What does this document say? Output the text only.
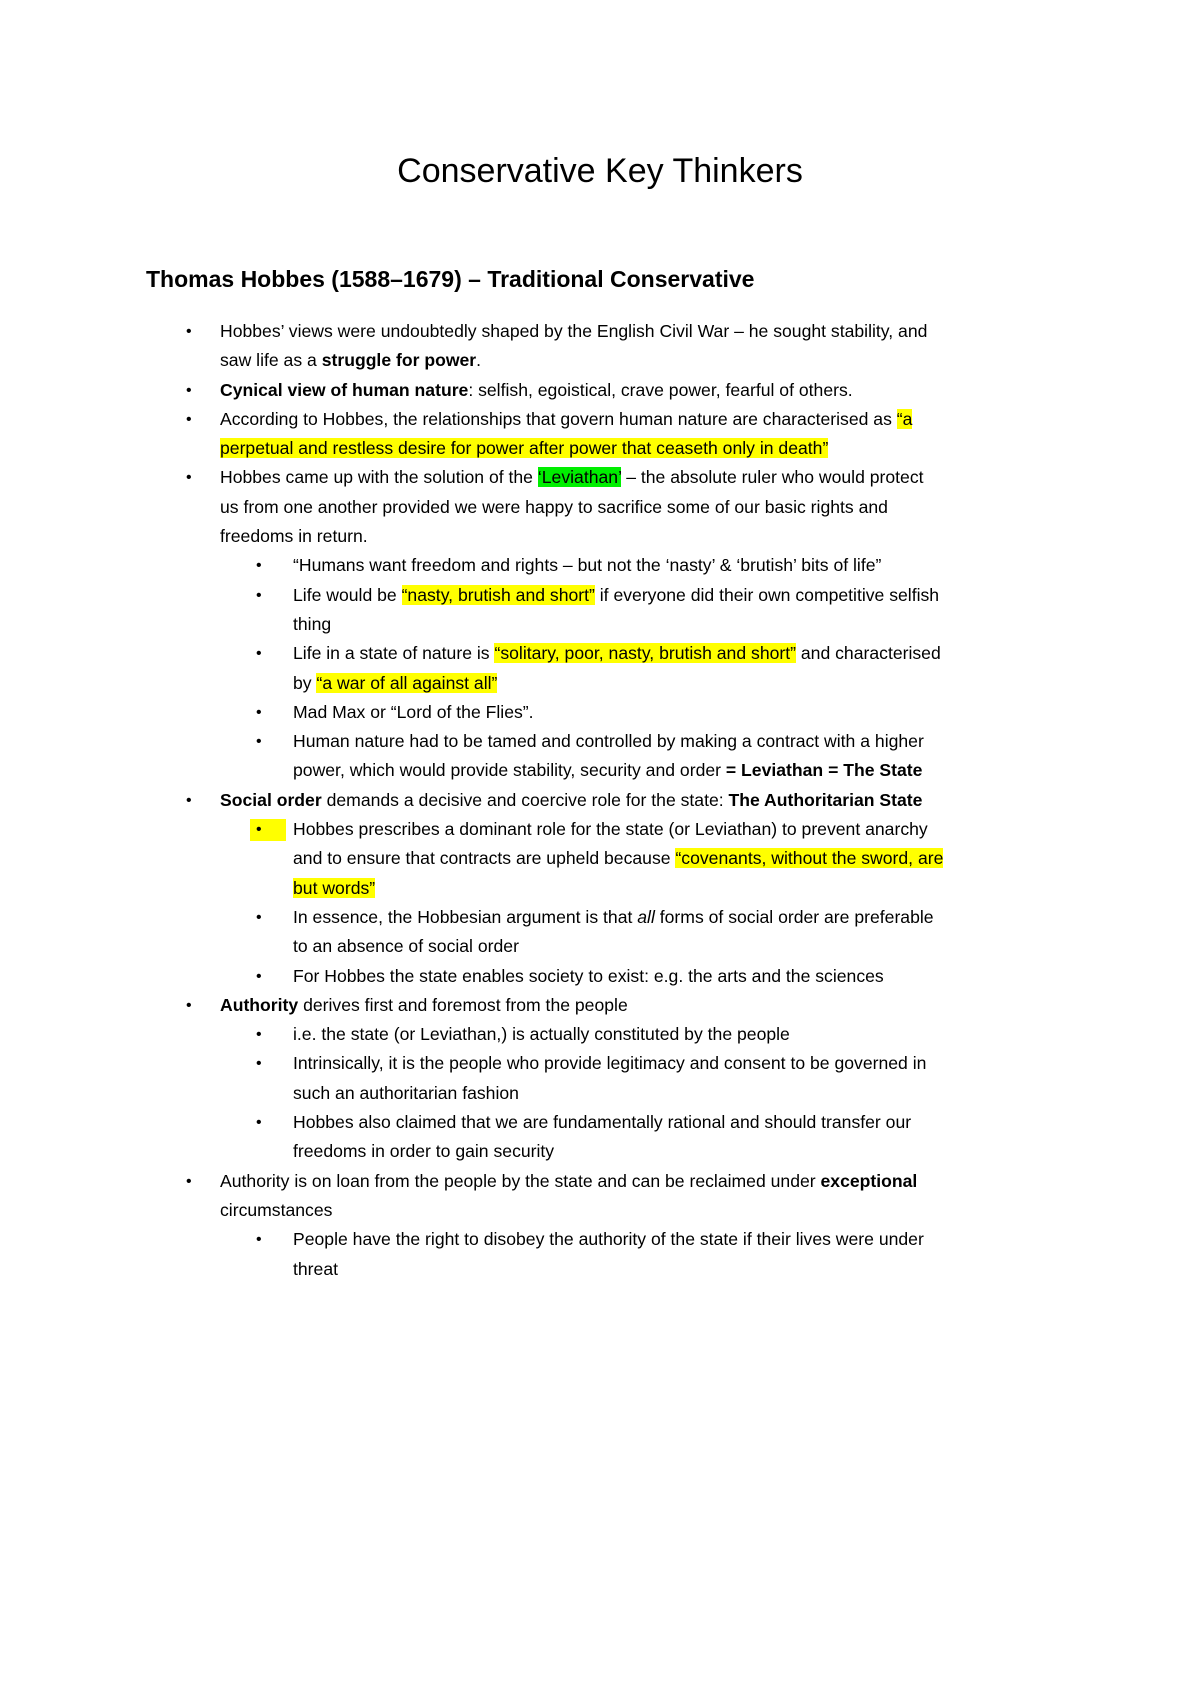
Conservative Key Thinkers
Thomas Hobbes (1588–1679) – Traditional Conservative
• Hobbes’ views were undoubtedly shaped by the English Civil War – he sought stability, and
saw life as a struggle for power.
• Cynical view of human nature: selfish, egoistical, crave power, fearful of others.
• According to Hobbes, the relationships that govern human nature are characterised as “a
perpetual and restless desire for power after power that ceaseth only in death”
• Hobbes came up with the solution of the ‘Leviathan’ – the absolute ruler who would protect
us from one another provided we were happy to sacrifice some of our basic rights and
freedoms in return.
• “Humans want freedom and rights – but not the ‘nasty’ & ‘brutish’ bits of life”
• Life would be “nasty, brutish and short” if everyone did their own competitive selfish
thing
• Life in a state of nature is “solitary, poor, nasty, brutish and short” and characterised
by “a war of all against all”
• Mad Max or “Lord of the Flies”.
• Human nature had to be tamed and controlled by making a contract with a higher
power, which would provide stability, security and order = Leviathan = The State
• Social order demands a decisive and coercive role for the state: The Authoritarian State
• Hobbes prescribes a dominant role for the state (or Leviathan) to prevent anarchy
and to ensure that contracts are upheld because “covenants, without the sword, are
but words”
• In essence, the Hobbesian argument is that all forms of social order are preferable
to an absence of social order
• For Hobbes the state enables society to exist: e.g. the arts and the sciences
• Authority derives first and foremost from the people
• i.e. the state (or Leviathan,) is actually constituted by the people
• Intrinsically, it is the people who provide legitimacy and consent to be governed in
such an authoritarian fashion
• Hobbes also claimed that we are fundamentally rational and should transfer our
freedoms in order to gain security
• Authority is on loan from the people by the state and can be reclaimed under exceptional
circumstances
• People have the right to disobey the authority of the state if their lives were under
threat
